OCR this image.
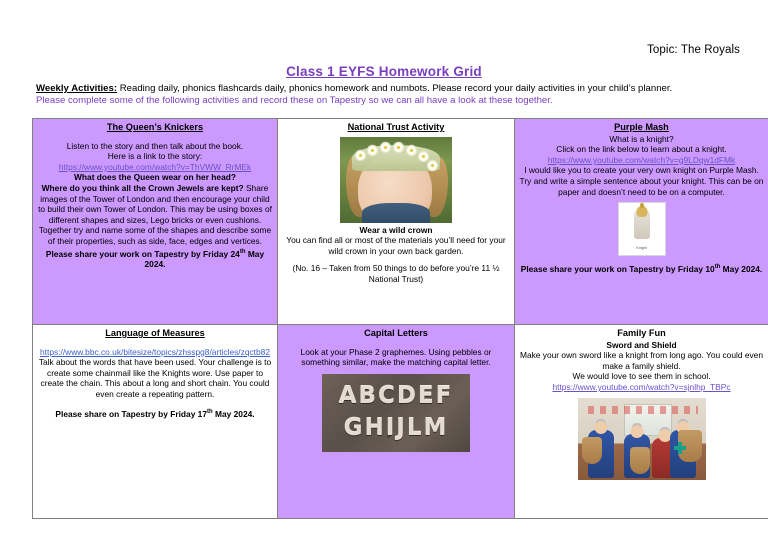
Topic: The Royals
Class 1 EYFS Homework Grid
Weekly Activities: Reading daily, phonics flashcards daily, phonics homework and numbots. Please record your daily activities in your child’s planner.
Please complete some of the following activities and record these on Tapestry so we can all have a look at these together.
The Queen’s Knickers
Listen to the story and then talk about the book.
Here is a link to the story:
https://www.youtube.com/watch?v=ThVWW_RrMEk
What does the Queen wear on her head?
Where do you think all the Crown Jewels are kept? Share images of the Tower of London and then encourage your child to build their own Tower of London. This may be using boxes of different shapes and sizes, Lego bricks or even cushions. Together try and name some of the shapes and describe some of their properties, such as side, face, edges and vertices.
Please share your work on Tapestry by Friday 24th May 2024.

National Trust Activity
Wear a wild crown
You can find all or most of the materials you’ll need for your wild crown in your own back garden.
(No. 16 – Taken from 50 things to do before you’re 11 ½ National Trust)

Purple Mash
What is a knight?
Click on the link below to learn about a knight.
https://www.youtube.com/watch?v=g9LDqw1dFMk
I would like you to create your very own knight on Purple Mash. Try and write a simple sentence about your knight. This can be on paper and doesn’t need to be on a computer.
Knight
Please share your work on Tapestry by Friday 10th May 2024.

Language of Measures
https://www.bbc.co.uk/bitesize/topics/zhsspg8/articles/zqctb82
Talk about the words that have been used. Your challenge is to create some chainmail like the Knights wore. Use paper to create the chain. This about a long and short chain. You could even create a repeating pattern.
Please share on Tapestry by Friday 17th May 2024.

Capital Letters
Look at your Phase 2 graphemes. Using pebbles or something similar, make the matching capital letter.
ABCDEF
GHIJLM

Family Fun
Sword and Shield
Make your own sword like a knight from long ago. You could even make a family shield.
We would love to see them in school.
https://www.youtube.com/watch?v=sjnlhp_TBPc
